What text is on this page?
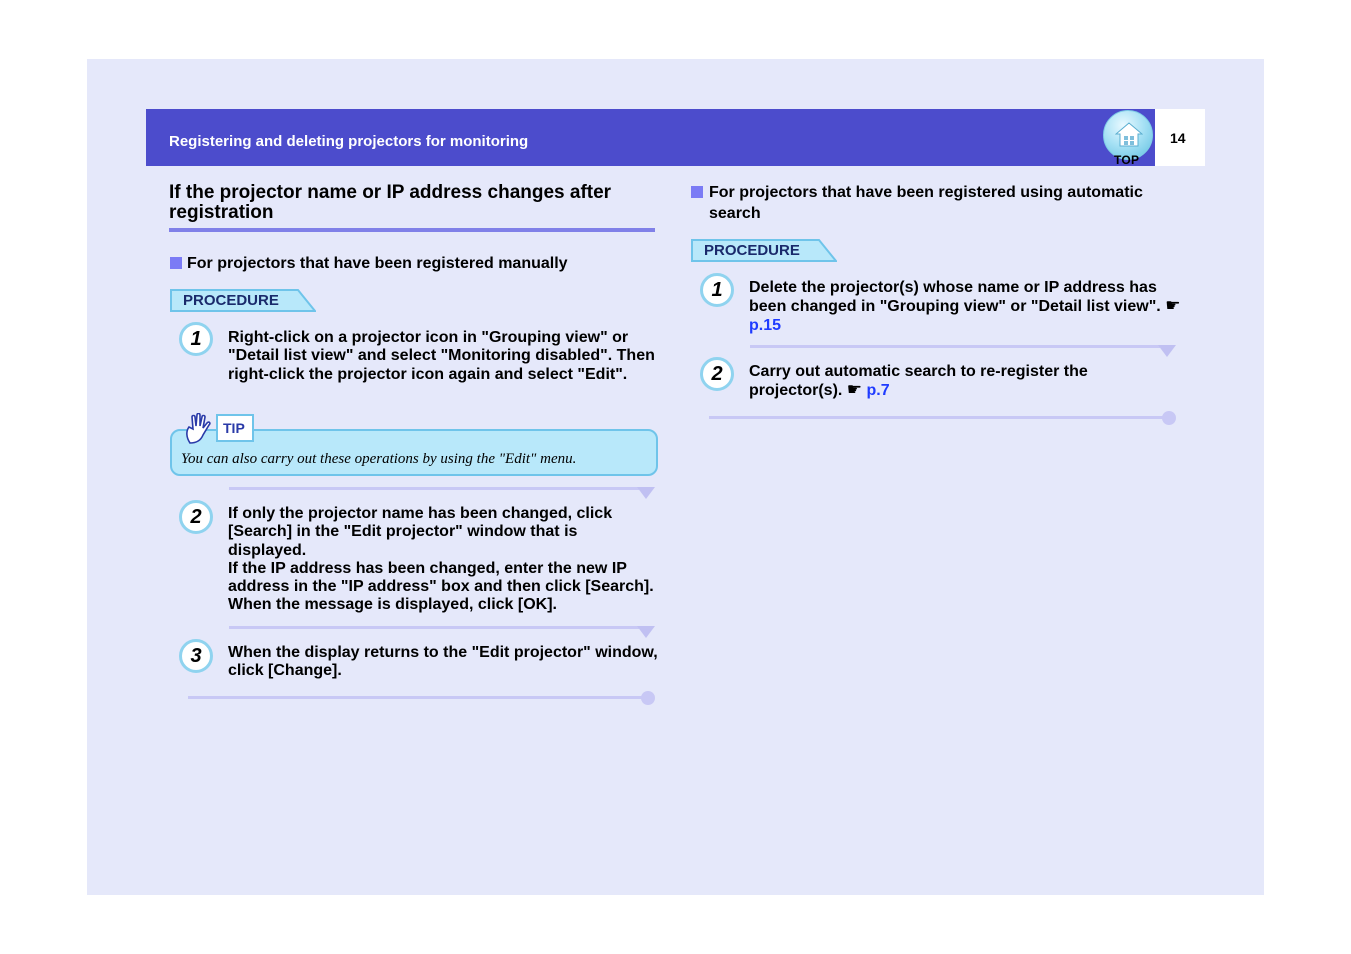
Registering and deleting projectors for monitoring
TOP
14
If the projector name or IP address changes after registration
For projectors that have been registered manually
PROCEDURE
1	Right-click on a projector icon in "Grouping view" or "Detail list view" and select "Monitoring disabled". Then right-click the projector icon again and select "Edit".
You can also carry out these operations by using the "Edit" menu.
TIP
2	If only the projector name has been changed, click [Search] in the "Edit projector" window that is displayed.
If the IP address has been changed, enter the new IP address in the "IP address" box and then click [Search]. When the message is displayed, click [OK].
3	When the display returns to the "Edit projector" window, click [Change].
For projectors that have been registered using automatic search
PROCEDURE
1	Delete the projector(s) whose name or IP address has been changed in "Grouping view" or "Detail list view". ☛ p.15
2	Carry out automatic search to re-register the projector(s). ☛ p.7
